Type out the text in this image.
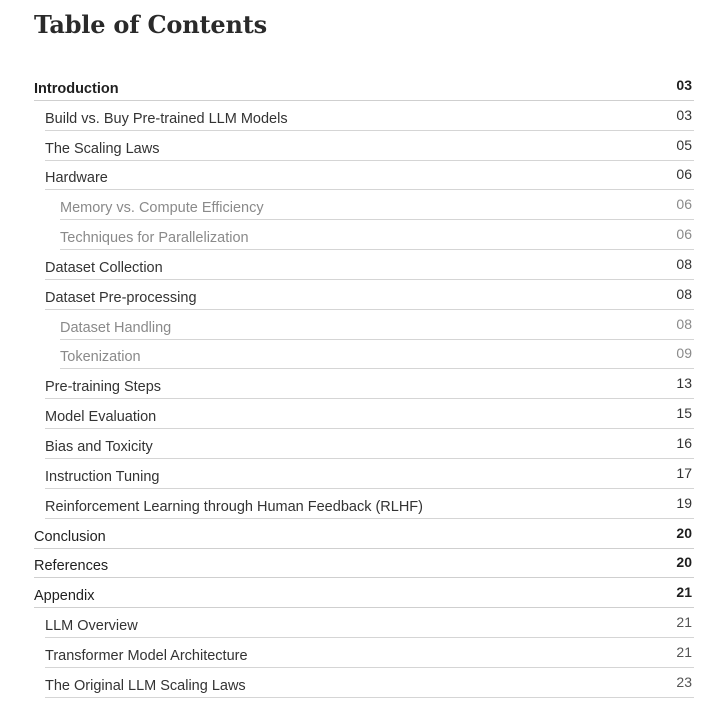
Table of Contents
Introduction	03
Build vs. Buy Pre-trained LLM Models	03
The Scaling Laws	05
Hardware	06
Memory vs. Compute Efficiency	06
Techniques for Parallelization	06
Dataset Collection	08
Dataset Pre-processing	08
Dataset Handling	08
Tokenization	09
Pre-training Steps	13
Model Evaluation	15
Bias and Toxicity	16
Instruction Tuning	17
Reinforcement Learning through Human Feedback (RLHF)	19
Conclusion	20
References	20
Appendix	21
LLM Overview	21
Transformer Model Architecture	21
The Original LLM Scaling Laws	23
